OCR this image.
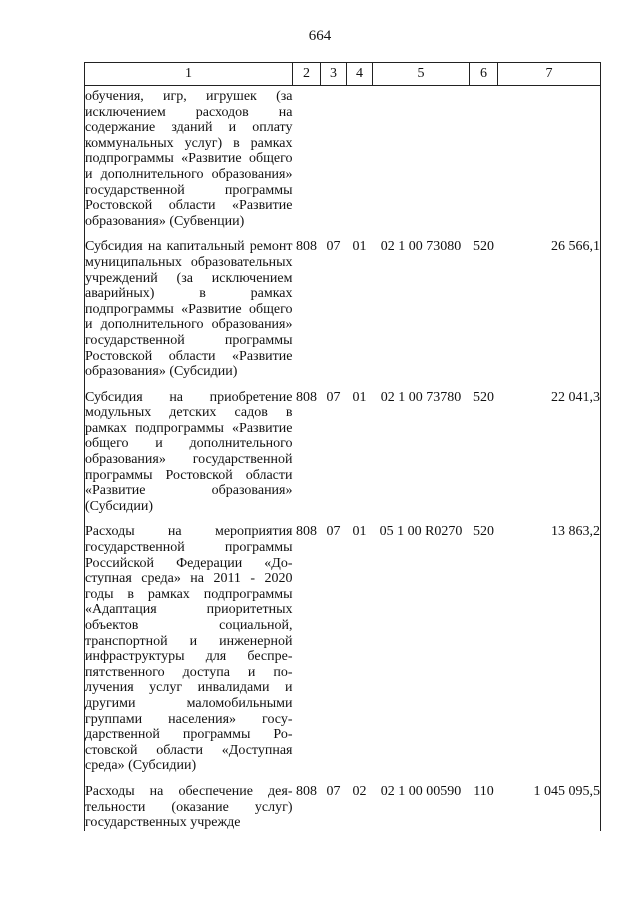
664
1	2	3	4	5	6	7
обучения, игр, игрушек (за исключением расходов на содержание зданий и оплату коммунальных услуг) в рамках подпрограммы «Развитие общего и дополнительного образования» государственной программы Ростовской области «Развитие образования» (Субвенции)						

Субсидия на капитальный ремонт муниципальных образовательных учреждений (за исключением аварийных) в рамках подпрограммы «Развитие общего и дополнительного образования» государственной программы Ростовской области «Развитие образования» (Субсидии)	808	07	01	02 1 00 73080	520	26 566,1

Субсидия на приобретение модульных детских садов в рамках подпрограммы «Развитие общего и дополнительного образования» государственной программы Ростовской области «Развитие образования» (Субсидии)	808	07	01	02 1 00 73780	520	22 041,3

Расходы на мероприятия государственной программы Российской Федерации «Доступная среда» на 2011 - 2020 годы в рамках подпрограммы «Адаптация приоритетных объектов социальной, транспортной и инженерной инфраструктуры для беспрепятственного доступа и получения услуг инвалидами и другими маломобильными группами населения» государственной программы Ростовской области «Доступная среда» (Субсидии)	808	07	01	05 1 00 R0270	520	13 863,2

Расходы на обеспечение деятельности (оказание услуг) государственных учрежде	808	07	02	02 1 00 00590	110	1 045 095,5
